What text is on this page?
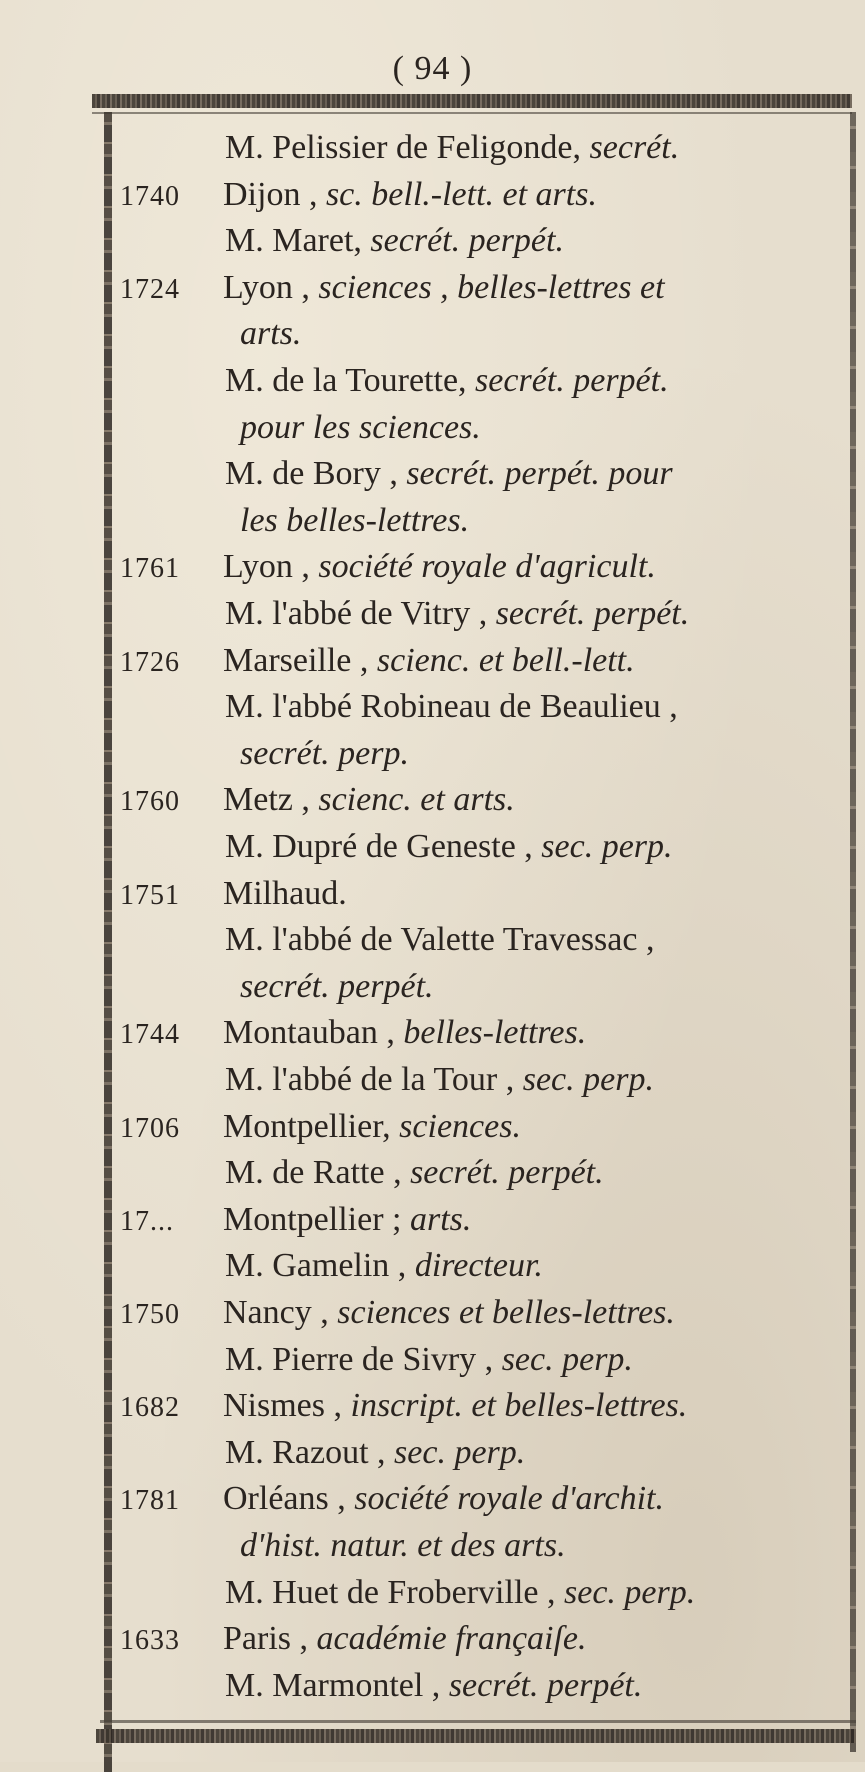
( 94 )
M. Pelissier de Feligonde, secrét.
1740	Dijon , sc. bell.-lett. et arts.
M. Maret, secrét. perpét.
1724	Lyon , sciences , belles-lettres et
arts.
M. de la Tourette, secrét. perpét.
pour les sciences.
M. de Bory , secrét. perpét. pour
les belles-lettres.
1761	Lyon , société royale d'agricult.
M. l'abbé de Vitry , secrét. perpét.
1726	Marseille , scienc. et bell.-lett.
M. l'abbé Robineau de Beaulieu ,
secrét. perp.
1760	Metz , scienc. et arts.
M. Dupré de Geneste , sec. perp.
1751	Milhaud.
M. l'abbé de Valette Travessac ,
secrét. perpét.
1744	Montauban , belles-lettres.
M. l'abbé de la Tour , sec. perp.
1706	Montpellier, sciences.
M. de Ratte , secrét. perpét.
17...	Montpellier ; arts.
M. Gamelin , directeur.
1750	Nancy , sciences et belles-lettres.
M. Pierre de Sivry , sec. perp.
1682	Nismes , inscript. et belles-lettres.
M. Razout , sec. perp.
1781	Orléans , société royale d'archit.
d'hist. natur. et des arts.
M. Huet de Froberville , sec. perp.
1633	Paris , académie françaiſe.
M. Marmontel , secrét. perpét.
